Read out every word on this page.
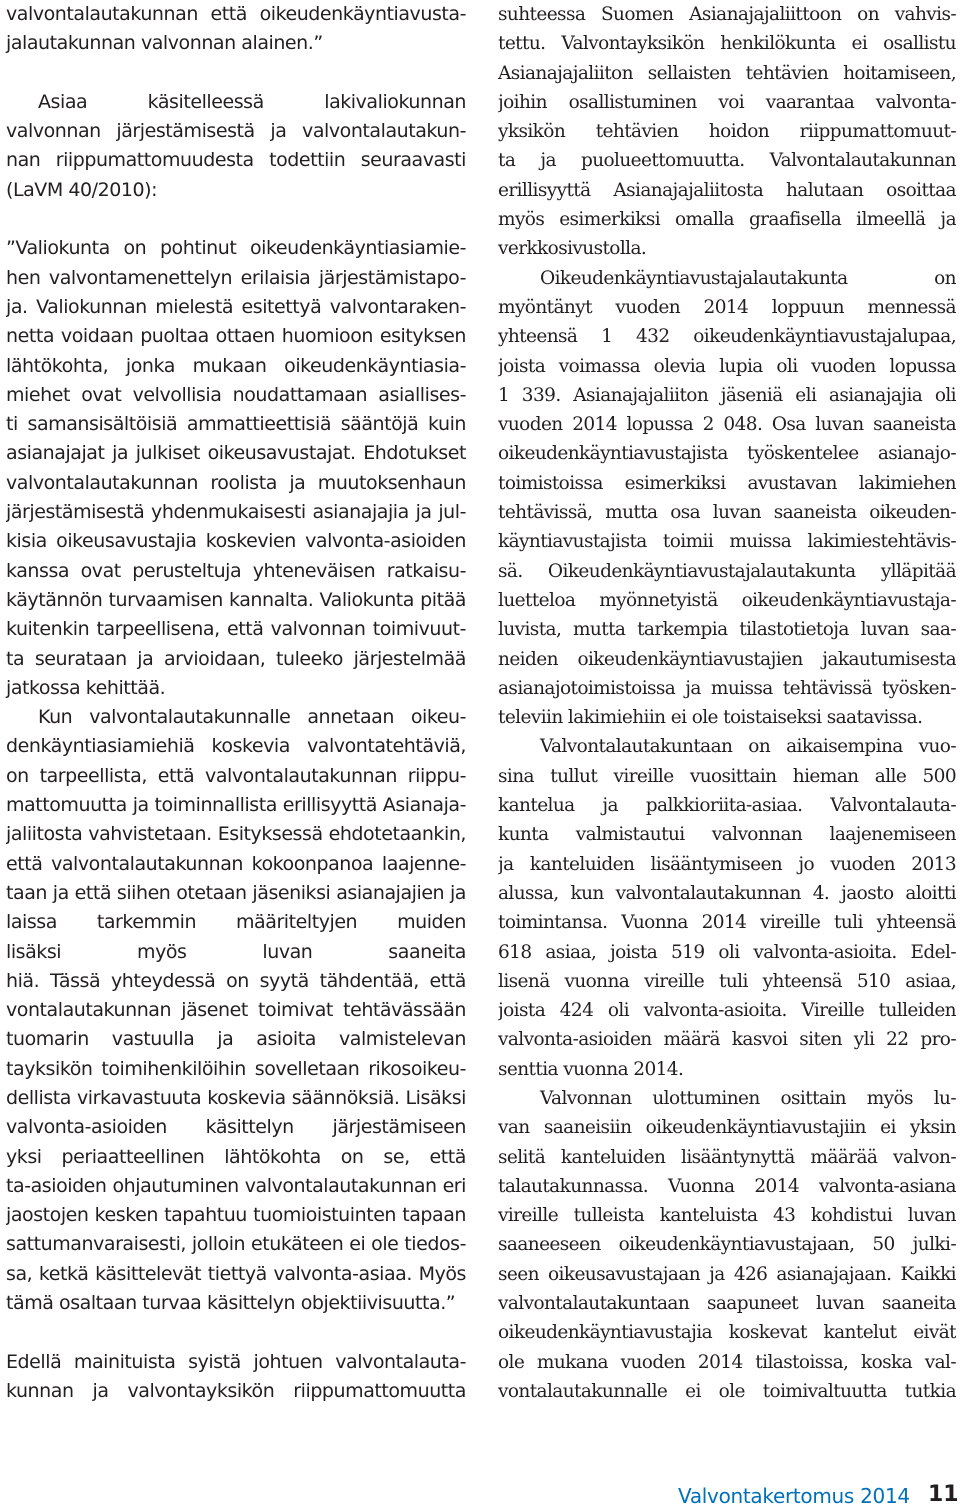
valvontalautakunnan että oikeudenkäyntiavusta-
jalautakunnan valvonnan alainen.”
Asiaa käsitelleessä lakivaliokunnan
valvonnan järjestämisestä ja valvontalautakun-
nan riippumattomuudesta todettiin seuraavasti
(LaVM 40/2010):
”Valiokunta on pohtinut oikeudenkäyntiasiamie-
hen valvontamenettelyn erilaisia järjestämistapo-
ja. Valiokunnan mielestä esitettyä valvontaraken-
netta voidaan puoltaa ottaen huomioon esityksen
lähtökohta, jonka mukaan oikeudenkäyntiasia-
miehet ovat velvollisia noudattamaan asiallises-
ti samansisältöisiä ammattieettisiä sääntöjä kuin
asianajajat ja julkiset oikeusavustajat. Ehdotukset
valvontalautakunnan roolista ja muutoksenhaun
järjestämisestä yhdenmukaisesti asianajajia ja jul-
kisia oikeusavustajia koskevien valvonta-asioiden
kanssa ovat perusteltuja yhteneväisen ratkaisu-
käytännön turvaamisen kannalta. Valiokunta pitää
kuitenkin tarpeellisena, että valvonnan toimivuut-
ta seurataan ja arvioidaan, tuleeko järjestelmää
jatkossa kehittää.
Kun valvontalautakunnalle annetaan oikeu-
denkäyntiasiamiehiä koskevia valvontatehtäviä,
on tarpeellista, että valvontalautakunnan riippu-
mattomuutta ja toiminnallista erillisyyttä Asianaja-
jaliitosta vahvistetaan. Esityksessä ehdotetaankin,
että valvontalautakunnan kokoonpanoa laajenne-
taan ja että siihen otetaan jäseniksi asianajajien ja
laissa tarkemmin määriteltyjen muiden
lisäksi myös luvan saaneita
hiä. Tässä yhteydessä on syytä tähdentää, että
vontalautakunnan jäsenet toimivat tehtävässään
tuomarin vastuulla ja asioita valmistelevan
tayksikön toimihenkilöihin sovelletaan rikosoikeu-
dellista virkavastuuta koskevia säännöksiä. Lisäksi
valvonta-asioiden käsittelyn järjestämiseen
yksi periaatteellinen lähtökohta on se, että
ta-asioiden ohjautuminen valvontalautakunnan eri
jaostojen kesken tapahtuu tuomioistuinten tapaan
sattumanvaraisesti, jolloin etukäteen ei ole tiedos-
sa, ketkä käsittelevät tiettyä valvonta-asiaa. Myös
tämä osaltaan turvaa käsittelyn objektiivisuutta.”
Edellä mainituista syistä johtuen valvontalauta-
kunnan ja valvontayksikön riippumattomuutta
suhteessa Suomen Asianajajaliittoon on vahvis-
tettu. Valvontayksikön henkilökunta ei osallistu
Asianajajaliiton sellaisten tehtävien hoitamiseen,
joihin osallistuminen voi vaarantaa valvonta-
yksikön tehtävien hoidon riippumattomuut-
ta ja puolueettomuutta. Valvontalautakunnan
erillisyyttä Asianajajaliitosta halutaan osoittaa
myös esimerkiksi omalla graafisella ilmeellä ja
verkkosivustolla.
Oikeudenkäyntiavustajalautakunta on
myöntänyt vuoden 2014 loppuun mennessä
yhteensä 1 432 oikeudenkäyntiavustajalupaa,
joista voimassa olevia lupia oli vuoden lopussa
1 339. Asianajajaliiton jäseniä eli asianajajia oli
vuoden 2014 lopussa 2 048. Osa luvan saaneista
oikeudenkäyntiavustajista työskentelee asianajo-
toimistoissa esimerkiksi avustavan lakimiehen
tehtävissä, mutta osa luvan saaneista oikeuden-
käyntiavustajista toimii muissa lakimiestehtävis-
sä. Oikeudenkäyntiavustajalautakunta ylläpitää
luetteloa myönnetyistä oikeudenkäyntiavustaja-
luvista, mutta tarkempia tilastotietoja luvan saa-
neiden oikeudenkäyntiavustajien jakautumisesta
asianajotoimistoissa ja muissa tehtävissä työsken-
televiin lakimiehiin ei ole toistaiseksi saatavissa.
Valvontalautakuntaan on aikaisempina vuo-
sina tullut vireille vuosittain hieman alle 500
kantelua ja palkkioriita-asiaa. Valvontalauta-
kunta valmistautui valvonnan laajenemiseen
ja kanteluiden lisääntymiseen jo vuoden 2013
alussa, kun valvontalautakunnan 4. jaosto aloitti
toimintansa. Vuonna 2014 vireille tuli yhteensä
618 asiaa, joista 519 oli valvonta-asioita. Edel-
lisenä vuonna vireille tuli yhteensä 510 asiaa,
joista 424 oli valvonta-asioita. Vireille tulleiden
valvonta-asioiden määrä kasvoi siten yli 22 pro-
senttia vuonna 2014.
Valvonnan ulottuminen osittain myös lu-
van saaneisiin oikeudenkäyntiavustajiin ei yksin
selitä kanteluiden lisääntynyttä määrää valvon-
talautakunnassa. Vuonna 2014 valvonta-asiana
vireille tulleista kanteluista 43 kohdistui luvan
saaneeseen oikeudenkäyntiavustajaan, 50 julki-
seen oikeusavustajaan ja 426 asianajajaan. Kaikki
valvontalautakuntaan saapuneet luvan saaneita
oikeudenkäyntiavustajia koskevat kantelut eivät
ole mukana vuoden 2014 tilastoissa, koska val-
vontalautakunnalle ei ole toimivaltuutta tutkia
Valvontakertomus 2014 11
